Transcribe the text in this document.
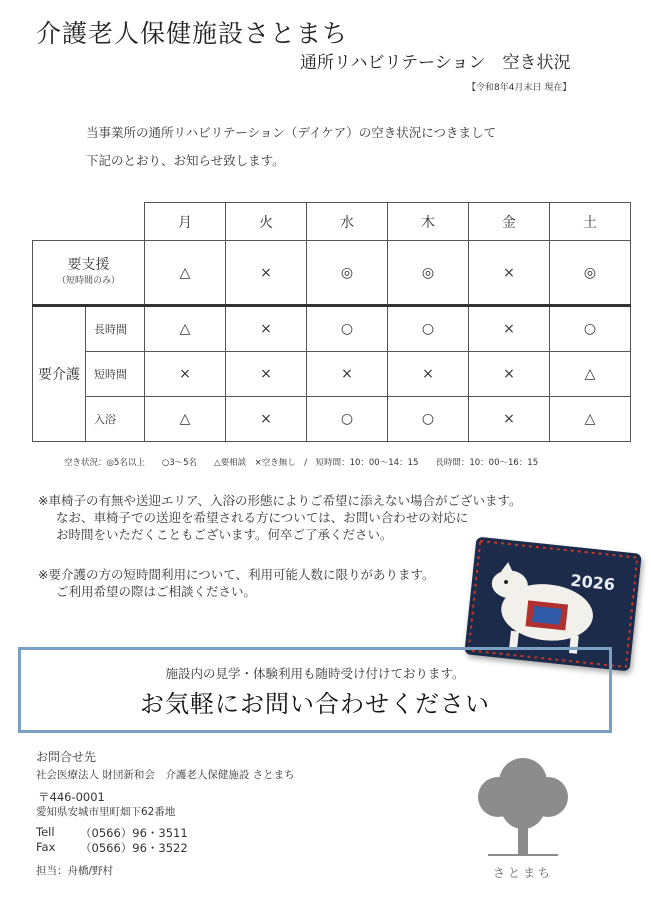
介護老人保健施設さとまち
通所リハビリテーション　空き状況
【令和8年4月末日 現在】
当事業所の通所リハビリテーション（デイケア）の空き状況につきまして
下記のとおり、お知らせ致します。
		月	火	水	木	金	土
要支援
（短時間のみ）		△	×	◎	◎	×	◎
要介護	長時間	△	×	○	○	×	○
	短時間	×	×	×	×	×	△
	入浴	△	×	○	○	×	△
空き状況：◎5名以上　　○3～5名　　△要相談　×空き無し　/　短時間：10：00～14：15　　長時間：10：00～16：15
※車椅子の有無や送迎エリア、入浴の形態によりご希望に添えない場合がございます。
なお、車椅子での送迎を希望される方については、お問い合わせの対応に
お時間をいただくこともございます。何卒ご了承ください。
※要介護の方の短時間利用について、利用可能人数に限りがあります。
ご利用希望の際はご相談ください。	2026
施設内の見学・体験利用も随時受け付けております。
お気軽にお問い合わせください
お問合せ先
社会医療法人 財団新和会　介護老人保健施設 さとまち
〒446-0001
愛知県安城市里町畑下62番地
Tell （0566）96・3511
Fax （0566）96・3522
担当：舟橋/野村	さとまち
